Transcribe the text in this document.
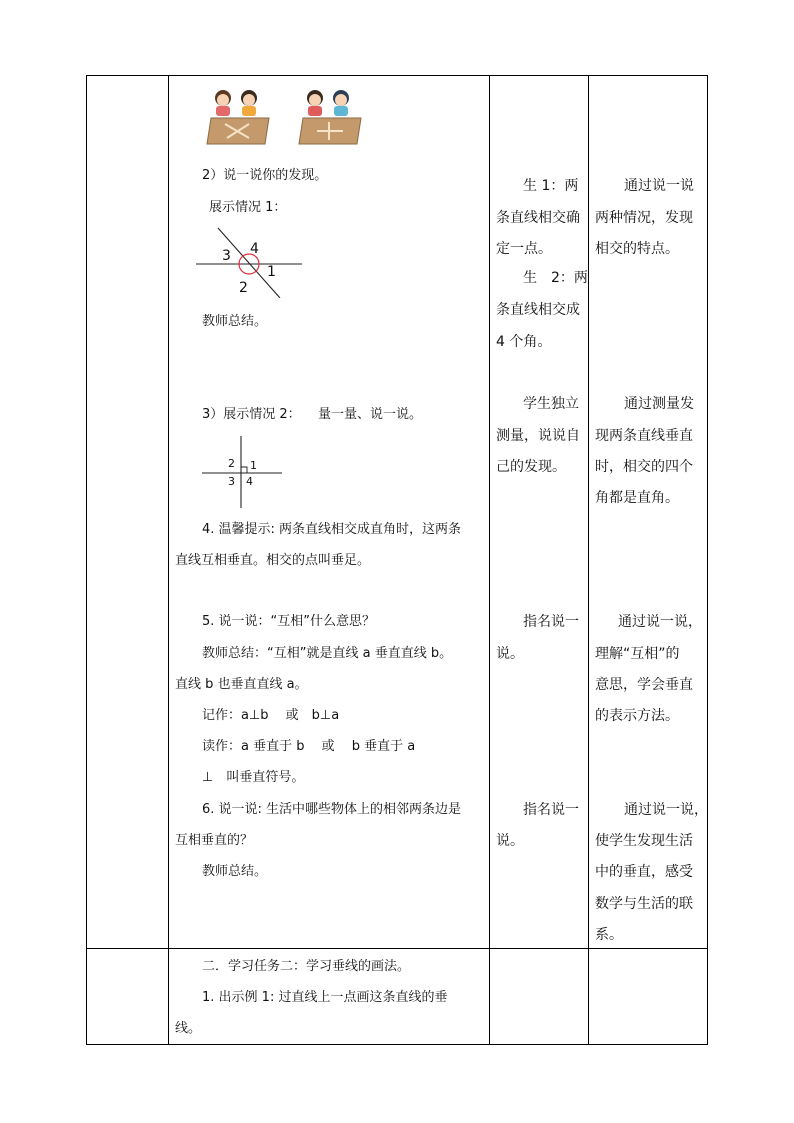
2）说一说你的发现。
展示情况 1：
3 4
1
2
教师总结。
3）展示情况 2： 量一量、说一说。
2 1
3 4
4. 温馨提示: 两条直线相交成直角时，这两条
直线互相垂直。相交的点叫垂足。
5. 说一说：“互相”什么意思？
教师总结：“互相”就是直线 a 垂直直线 b。
直线 b 也垂直直线 a。
记作：a⊥b　 或　b⊥a
读作：a 垂直于 b　 或　 b 垂直于 a
⊥　叫垂直符号。
6. 说一说: 生活中哪些物体上的相邻两条边是
互相垂直的？
教师总结。
二．学习任务二：学习垂线的画法。
1. 出示例 1: 过直线上一点画这条直线的垂
线。
生 1：两
条直线相交确
定一点。
生　2：两
条直线相交成
4 个角。
学生独立
测量，说说自
己的发现。
指名说一
说。
指名说一
说。
通过说一说
两种情况，发现
相交的特点。
通过测量发
现两条直线垂直
时，相交的四个
角都是直角。
通过说一说，
理解“互相”的
意思，学会垂直
的表示方法。
通过说一说，
使学生发现生活
中的垂直，感受
数学与生活的联
系。
